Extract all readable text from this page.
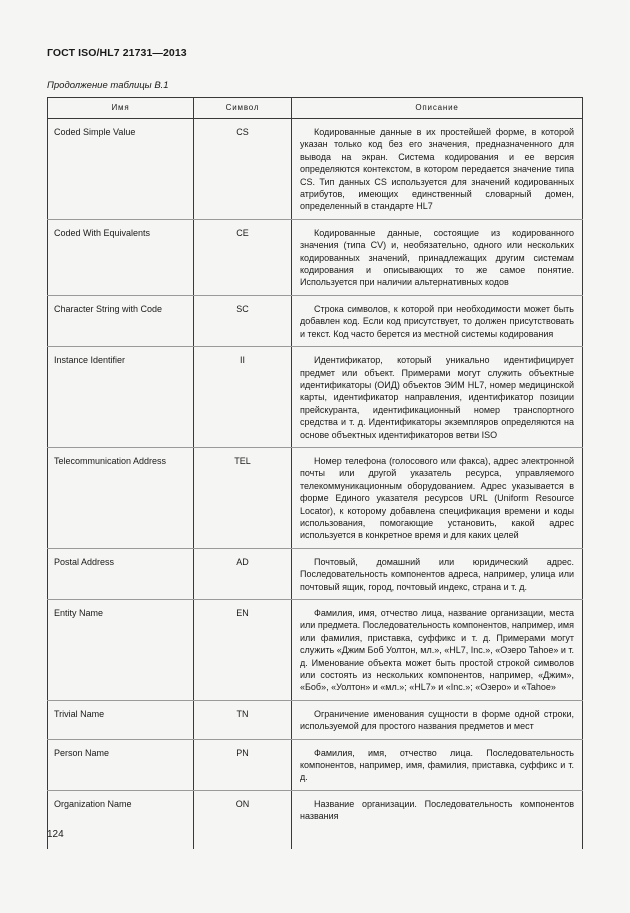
ГОСТ ISO/HL7 21731—2013
Продолжение таблицы В.1
Имя	Символ	Описание
Coded Simple Value	CS	Кодированные данные в их простейшей форме, в которой указан только код без его значения, предназначенного для вывода на экран. Система кодирования и ее версия определяются контекстом, в котором передается значение типа CS. Тип данных CS используется для значений кодированных атрибутов, имеющих единственный словарный домен, определенный в стандарте HL7

Coded With Equivalents	CE	Кодированные данные, состоящие из кодированного значения (типа CV) и, необязательно, одного или нескольких кодированных значений, принадлежащих другим системам кодирования и описывающих то же самое понятие. Используется при наличии альтернативных кодов

Character String with Code	SC	Строка символов, к которой при необходимости может быть добавлен код. Если код присутствует, то должен присутствовать и текст. Код часто берется из местной системы кодирования

Instance Identifier	II	Идентификатор, который уникально идентифицирует предмет или объект. Примерами могут служить объектные идентификаторы (ОИД) объектов ЭИМ HL7, номер медицинской карты, идентификатор направления, идентификатор позиции прейскуранта, идентификационный номер транспортного средства и т. д. Идентификаторы экземпляров определяются на основе объектных идентификаторов ветви ISO

Telecommunication Address	TEL	Номер телефона (голосового или факса), адрес электронной почты или другой указатель ресурса, управляемого телекоммуникационным оборудованием. Адрес указывается в форме Единого указателя ресурсов URL (Uniform Resource Locator), к которому добавлена спецификация времени и коды использования, помогающие установить, какой адрес используется в конкретное время и для каких целей

Postal Address	AD	Почтовый, домашний или юридический адрес. Последовательность компонентов адреса, например, улица или почтовый ящик, город, почтовый индекс, страна и т. д.

Entity Name	EN	Фамилия, имя, отчество лица, название организации, места или предмета. Последовательность компонентов, например, имя или фамилия, приставка, суффикс и т. д. Примерами могут служить «Джим Боб Уолтон, мл.», «HL7, Inc.», «Озеро Tahoe» и т. д. Именование объекта может быть простой строкой символов или состоять из нескольких компонентов, например, «Джим», «Боб», «Уолтон» и «мл.»; «HL7» и «Inc.»; «Озеро» и «Tahoe»

Trivial Name	TN	Ограничение именования сущности в форме одной строки, используемой для простого названия предметов и мест

Person Name	PN	Фамилия, имя, отчество лица. Последовательность компонентов, например, имя, фамилия, приставка, суффикс и т. д.

Organization Name	ON	Название организации. Последовательность компонентов названия

124
